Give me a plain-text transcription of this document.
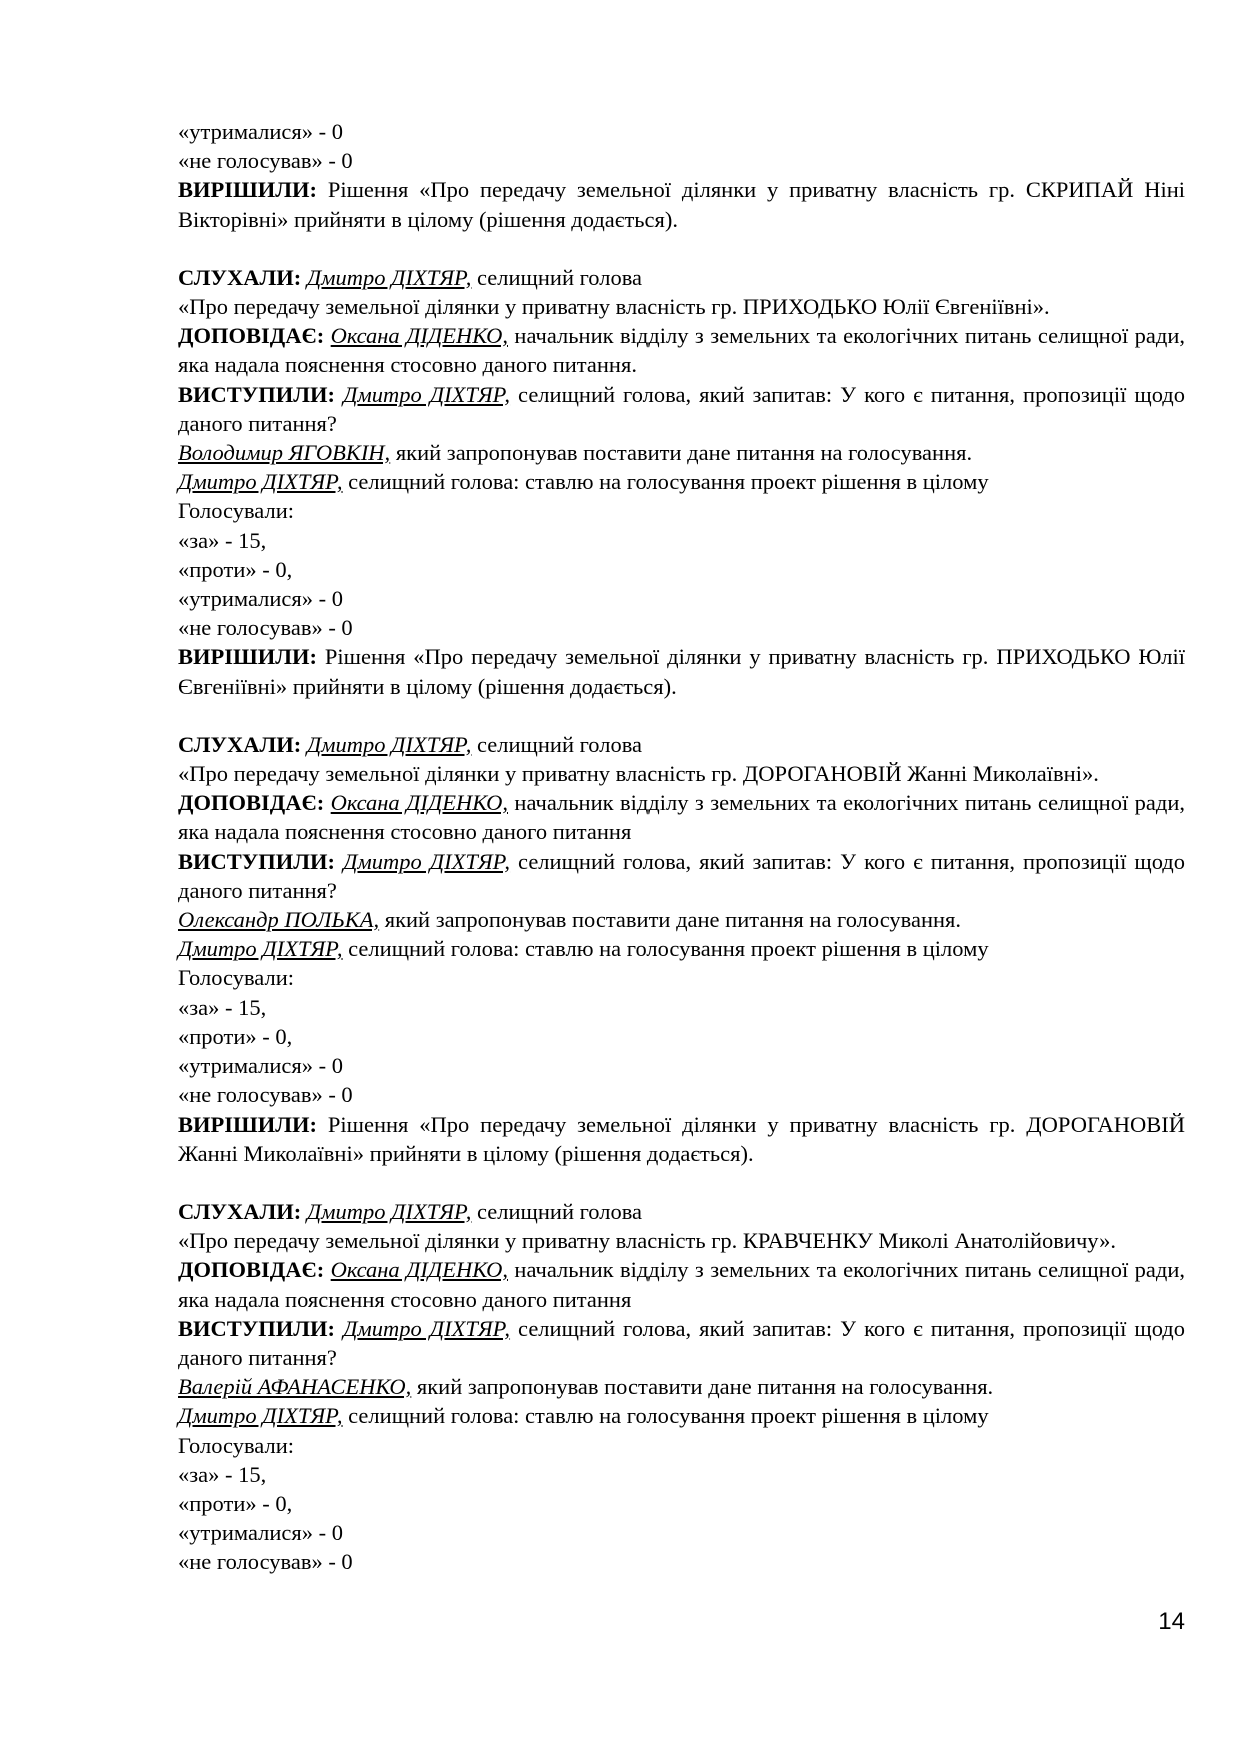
«утрималися» - 0

«не голосував» - 0

ВИРІШИЛИ: Рішення «Про передачу земельної ділянки у приватну власність гр. СКРИПАЙ Ніні Вікторівні» прийняти в цілому (рішення додається).

СЛУХАЛИ: Дмитро ДІХТЯР, селищний голова

«Про передачу земельної ділянки у приватну власність гр. ПРИХОДЬКО Юлії Євгеніївні».

ДОПОВІДАЄ: Оксана ДІДЕНКО, начальник відділу з земельних та екологічних питань селищної ради, яка надала пояснення стосовно даного питання.

ВИСТУПИЛИ: Дмитро ДІХТЯР, селищний голова, який запитав: У кого є питання, пропозиції щодо даного питання?

Володимир ЯГОВКІН, який запропонував поставити дане питання на голосування.

Дмитро ДІХТЯР, селищний голова: ставлю на голосування проект рішення в цілому

Голосували:

«за» - 15,

«проти» - 0,

«утрималися» - 0

«не голосував» - 0

ВИРІШИЛИ: Рішення «Про передачу земельної ділянки у приватну власність гр. ПРИХОДЬКО Юлії Євгеніївні» прийняти в цілому (рішення додається).

СЛУХАЛИ: Дмитро ДІХТЯР, селищний голова

«Про передачу земельної ділянки у приватну власність гр. ДОРОГАНОВІЙ Жанні Миколаївні».

ДОПОВІДАЄ: Оксана ДІДЕНКО, начальник відділу з земельних та екологічних питань селищної ради, яка надала пояснення стосовно даного питання

ВИСТУПИЛИ: Дмитро ДІХТЯР, селищний голова, який запитав: У кого є питання, пропозиції щодо даного питання?

Олександр ПОЛЬКА, який запропонував поставити дане питання на голосування.

Дмитро ДІХТЯР, селищний голова: ставлю на голосування проект рішення в цілому

Голосували:

«за» - 15,

«проти» - 0,

«утрималися» - 0

«не голосував» - 0

ВИРІШИЛИ: Рішення «Про передачу земельної ділянки у приватну власність гр. ДОРОГАНОВІЙ Жанні Миколаївні» прийняти в цілому (рішення додається).

СЛУХАЛИ: Дмитро ДІХТЯР, селищний голова

«Про передачу земельної ділянки у приватну власність гр. КРАВЧЕНКУ Миколі Анатолійовичу».

ДОПОВІДАЄ: Оксана ДІДЕНКО, начальник відділу з земельних та екологічних питань селищної ради, яка надала пояснення стосовно даного питання

ВИСТУПИЛИ: Дмитро ДІХТЯР, селищний голова, який запитав: У кого є питання, пропозиції щодо даного питання?

Валерій АФАНАСЕНКО, який запропонував поставити дане питання на голосування.

Дмитро ДІХТЯР, селищний голова: ставлю на голосування проект рішення в цілому

Голосували:

«за» - 15,

«проти» - 0,

«утрималися» - 0

«не голосував» - 0

14
